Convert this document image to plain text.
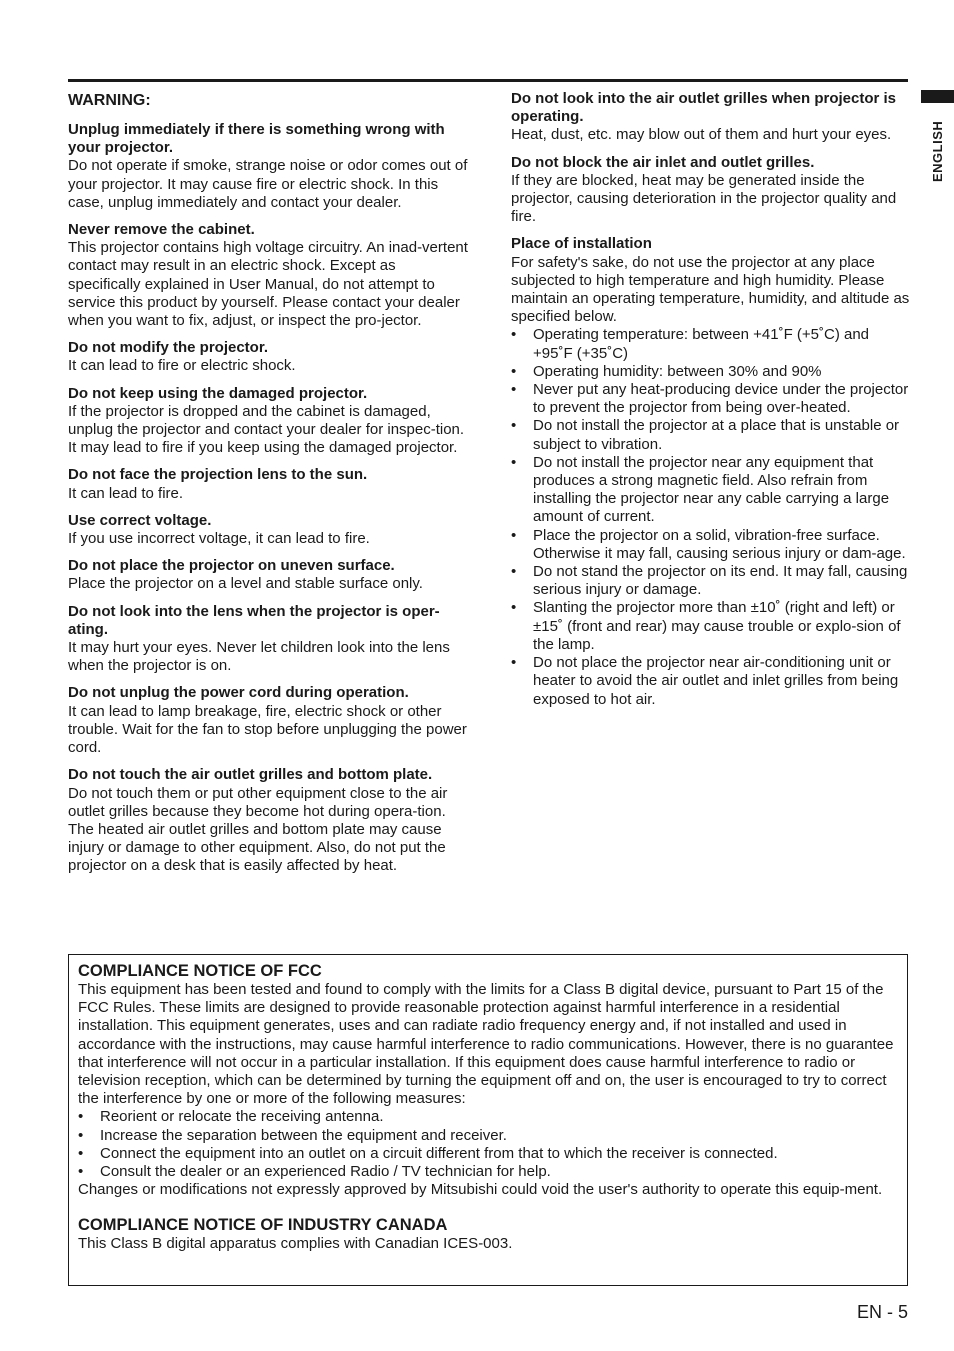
ENGLISH
WARNING:
Unplug immediately if there is something wrong with your projector.
Do not operate if smoke, strange noise or odor comes out of your projector. It may cause fire or electric shock. In this case, unplug immediately and contact your dealer.
Never remove the cabinet.
This projector contains high voltage circuitry. An inad-vertent contact may result in an electric shock. Except as specifically explained in User Manual, do not attempt to service this product by yourself. Please contact your dealer when you want to fix, adjust, or inspect the pro-jector.
Do not modify the projector.
It can lead to fire or electric shock.
Do not keep using the damaged projector.
If the projector is dropped and the cabinet is damaged, unplug the projector and contact your dealer for inspec-tion. It may lead to fire if you keep using the damaged projector.
Do not face the projection lens to the sun.
It can lead to fire.
Use correct voltage.
If you use incorrect voltage, it can lead to fire.
Do not place the projector on uneven surface.
Place the projector on a level and stable surface only.
Do not look into the lens when the projector is oper-ating.
It may hurt your eyes. Never let children look into the lens when the projector is on.
Do not unplug the power cord during operation.
It can lead to lamp breakage, fire, electric shock or other trouble. Wait for the fan to stop before unplugging the power cord.
Do not touch the air outlet grilles and bottom plate.
Do not touch them or put other equipment close to the air outlet grilles because they become hot during opera-tion. The heated air outlet grilles and bottom plate may cause injury or damage to other equipment. Also, do not put the projector on a desk that is easily affected by heat.
Do not look into the air outlet grilles when projector is operating.
Heat, dust, etc. may blow out of them and hurt your eyes.
Do not block the air inlet and outlet grilles.
If they are blocked, heat may be generated inside the projector, causing deterioration in the projector quality and fire.
Place of installation
For safety's sake, do not use the projector at any place subjected to high temperature and high humidity. Please maintain an operating temperature, humidity, and altitude as specified below.
• Operating temperature: between +41˚F (+5˚C) and +95˚F (+35˚C)
• Operating humidity: between 30% and 90%
• Never put any heat-producing device under the projector to prevent the projector from being over-heated.
• Do not install the projector at a place that is unstable or subject to vibration.
• Do not install the projector near any equipment that produces a strong magnetic field. Also refrain from installing the projector near any cable carrying a large amount of current.
• Place the projector on a solid, vibration-free surface. Otherwise it may fall, causing serious injury or dam-age.
• Do not stand the projector on its end. It may fall, causing serious injury or damage.
• Slanting the projector more than ±10˚ (right and left) or ±15˚ (front and rear) may cause trouble or explo-sion of the lamp.
• Do not place the projector near air-conditioning unit or heater to avoid the air outlet and inlet grilles from being exposed to hot air.
COMPLIANCE NOTICE OF FCC
This equipment has been tested and found to comply with the limits for a Class B digital device, pursuant to Part 15 of the FCC Rules. These limits are designed to provide reasonable protection against harmful interference in a residential installation. This equipment generates, uses and can radiate radio frequency energy and, if not installed and used in accordance with the instructions, may cause harmful interference to radio communications. However, there is no guarantee that interference will not occur in a particular installation. If this equipment does cause harmful interference to radio or television reception, which can be determined by turning the equipment off and on, the user is encouraged to try to correct the interference by one or more of the following measures:
• Reorient or relocate the receiving antenna.
• Increase the separation between the equipment and receiver.
• Connect the equipment into an outlet on a circuit different from that to which the receiver is connected.
• Consult the dealer or an experienced Radio / TV technician for help.
Changes or modifications not expressly approved by Mitsubishi could void the user's authority to operate this equip-ment.
COMPLIANCE NOTICE OF INDUSTRY CANADA
This Class B digital apparatus complies with Canadian ICES-003.
EN - 5
